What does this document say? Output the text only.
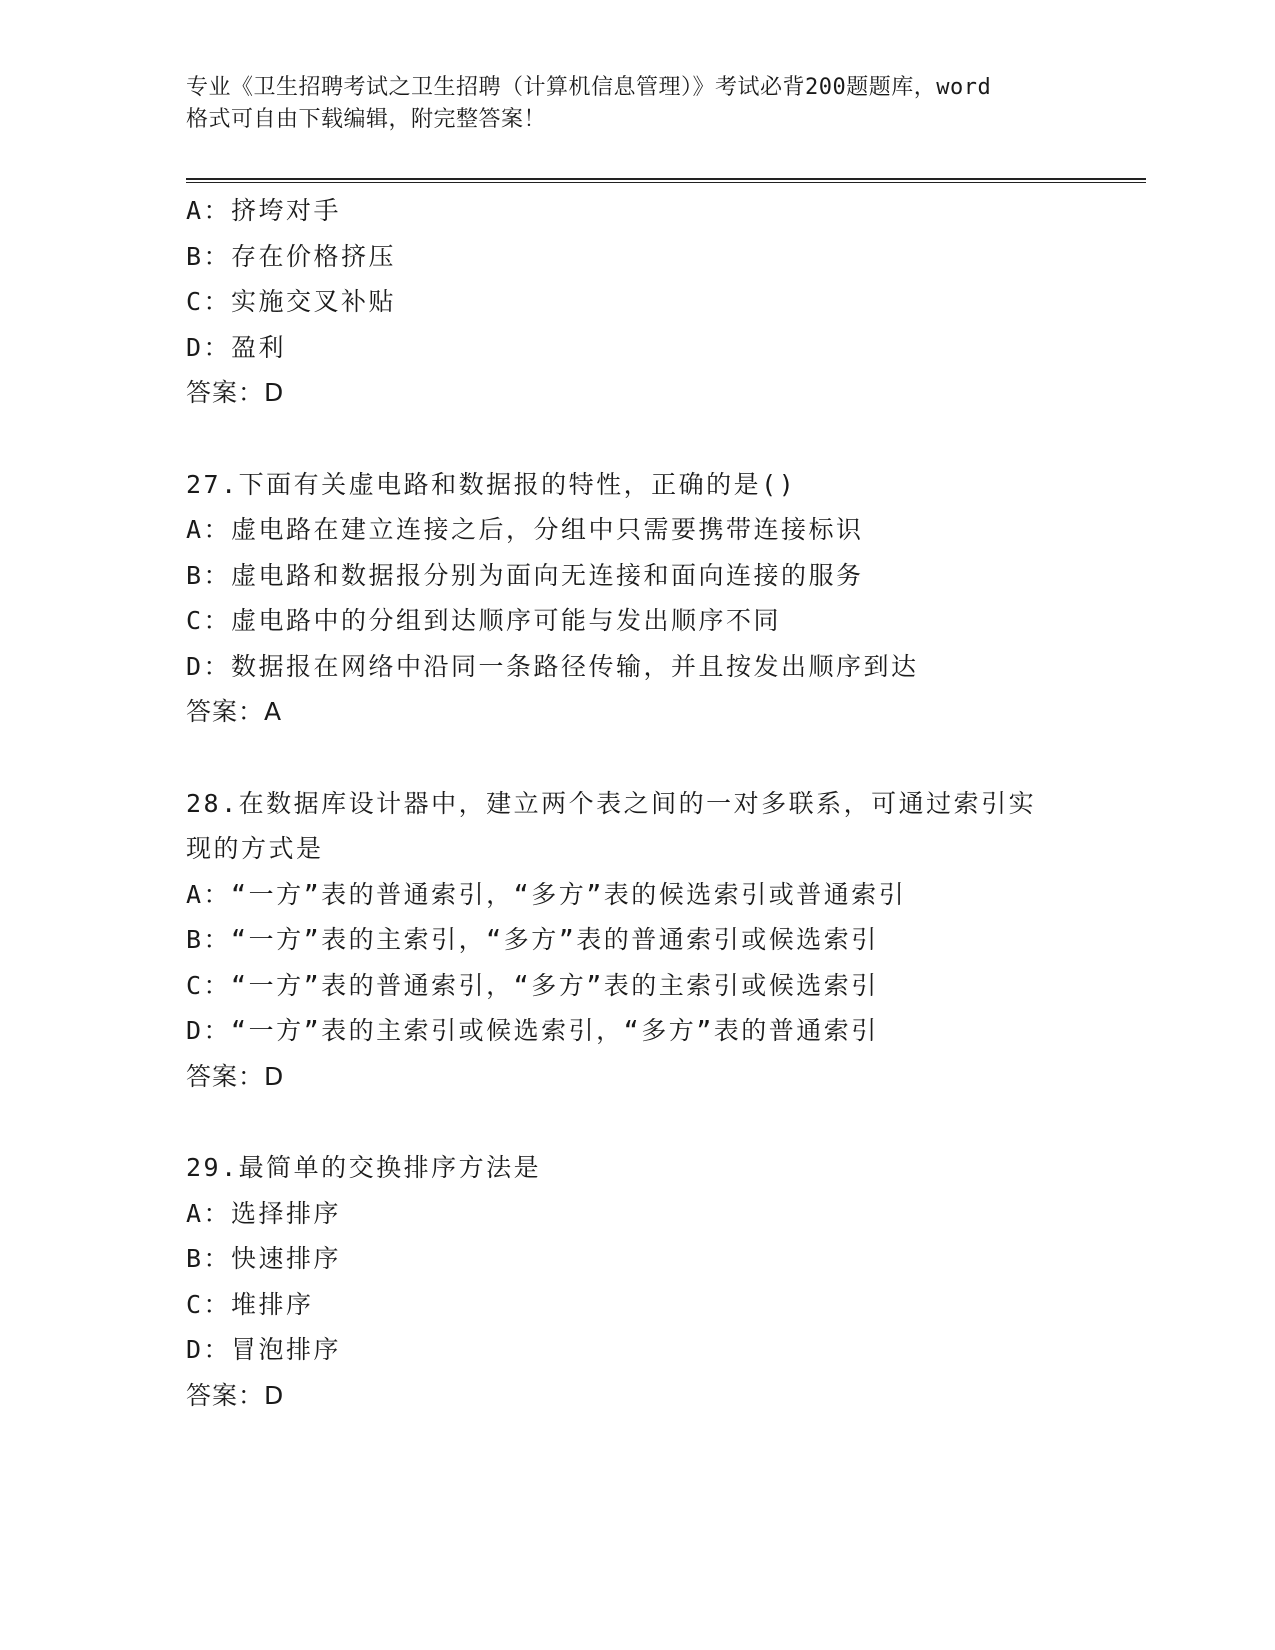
专业《卫生招聘考试之卫生招聘（计算机信息管理）》考试必背200题题库，word
格式可自由下载编辑，附完整答案！
A：挤垮对手
B：存在价格挤压
C：实施交叉补贴
D：盈利
答案：D
27.下面有关虚电路和数据报的特性，正确的是()
A：虚电路在建立连接之后，分组中只需要携带连接标识
B：虚电路和数据报分别为面向无连接和面向连接的服务
C：虚电路中的分组到达顺序可能与发出顺序不同
D：数据报在网络中沿同一条路径传输，并且按发出顺序到达
答案：A
28.在数据库设计器中，建立两个表之间的一对多联系，可通过索引实
现的方式是
A：“一方”表的普通索引，“多方”表的候选索引或普通索引
B：“一方”表的主索引，“多方”表的普通索引或候选索引
C：“一方”表的普通索引，“多方”表的主索引或候选索引
D：“一方”表的主索引或候选索引，“多方”表的普通索引
答案：D
29.最简单的交换排序方法是
A：选择排序
B：快速排序
C：堆排序
D：冒泡排序
答案：D
